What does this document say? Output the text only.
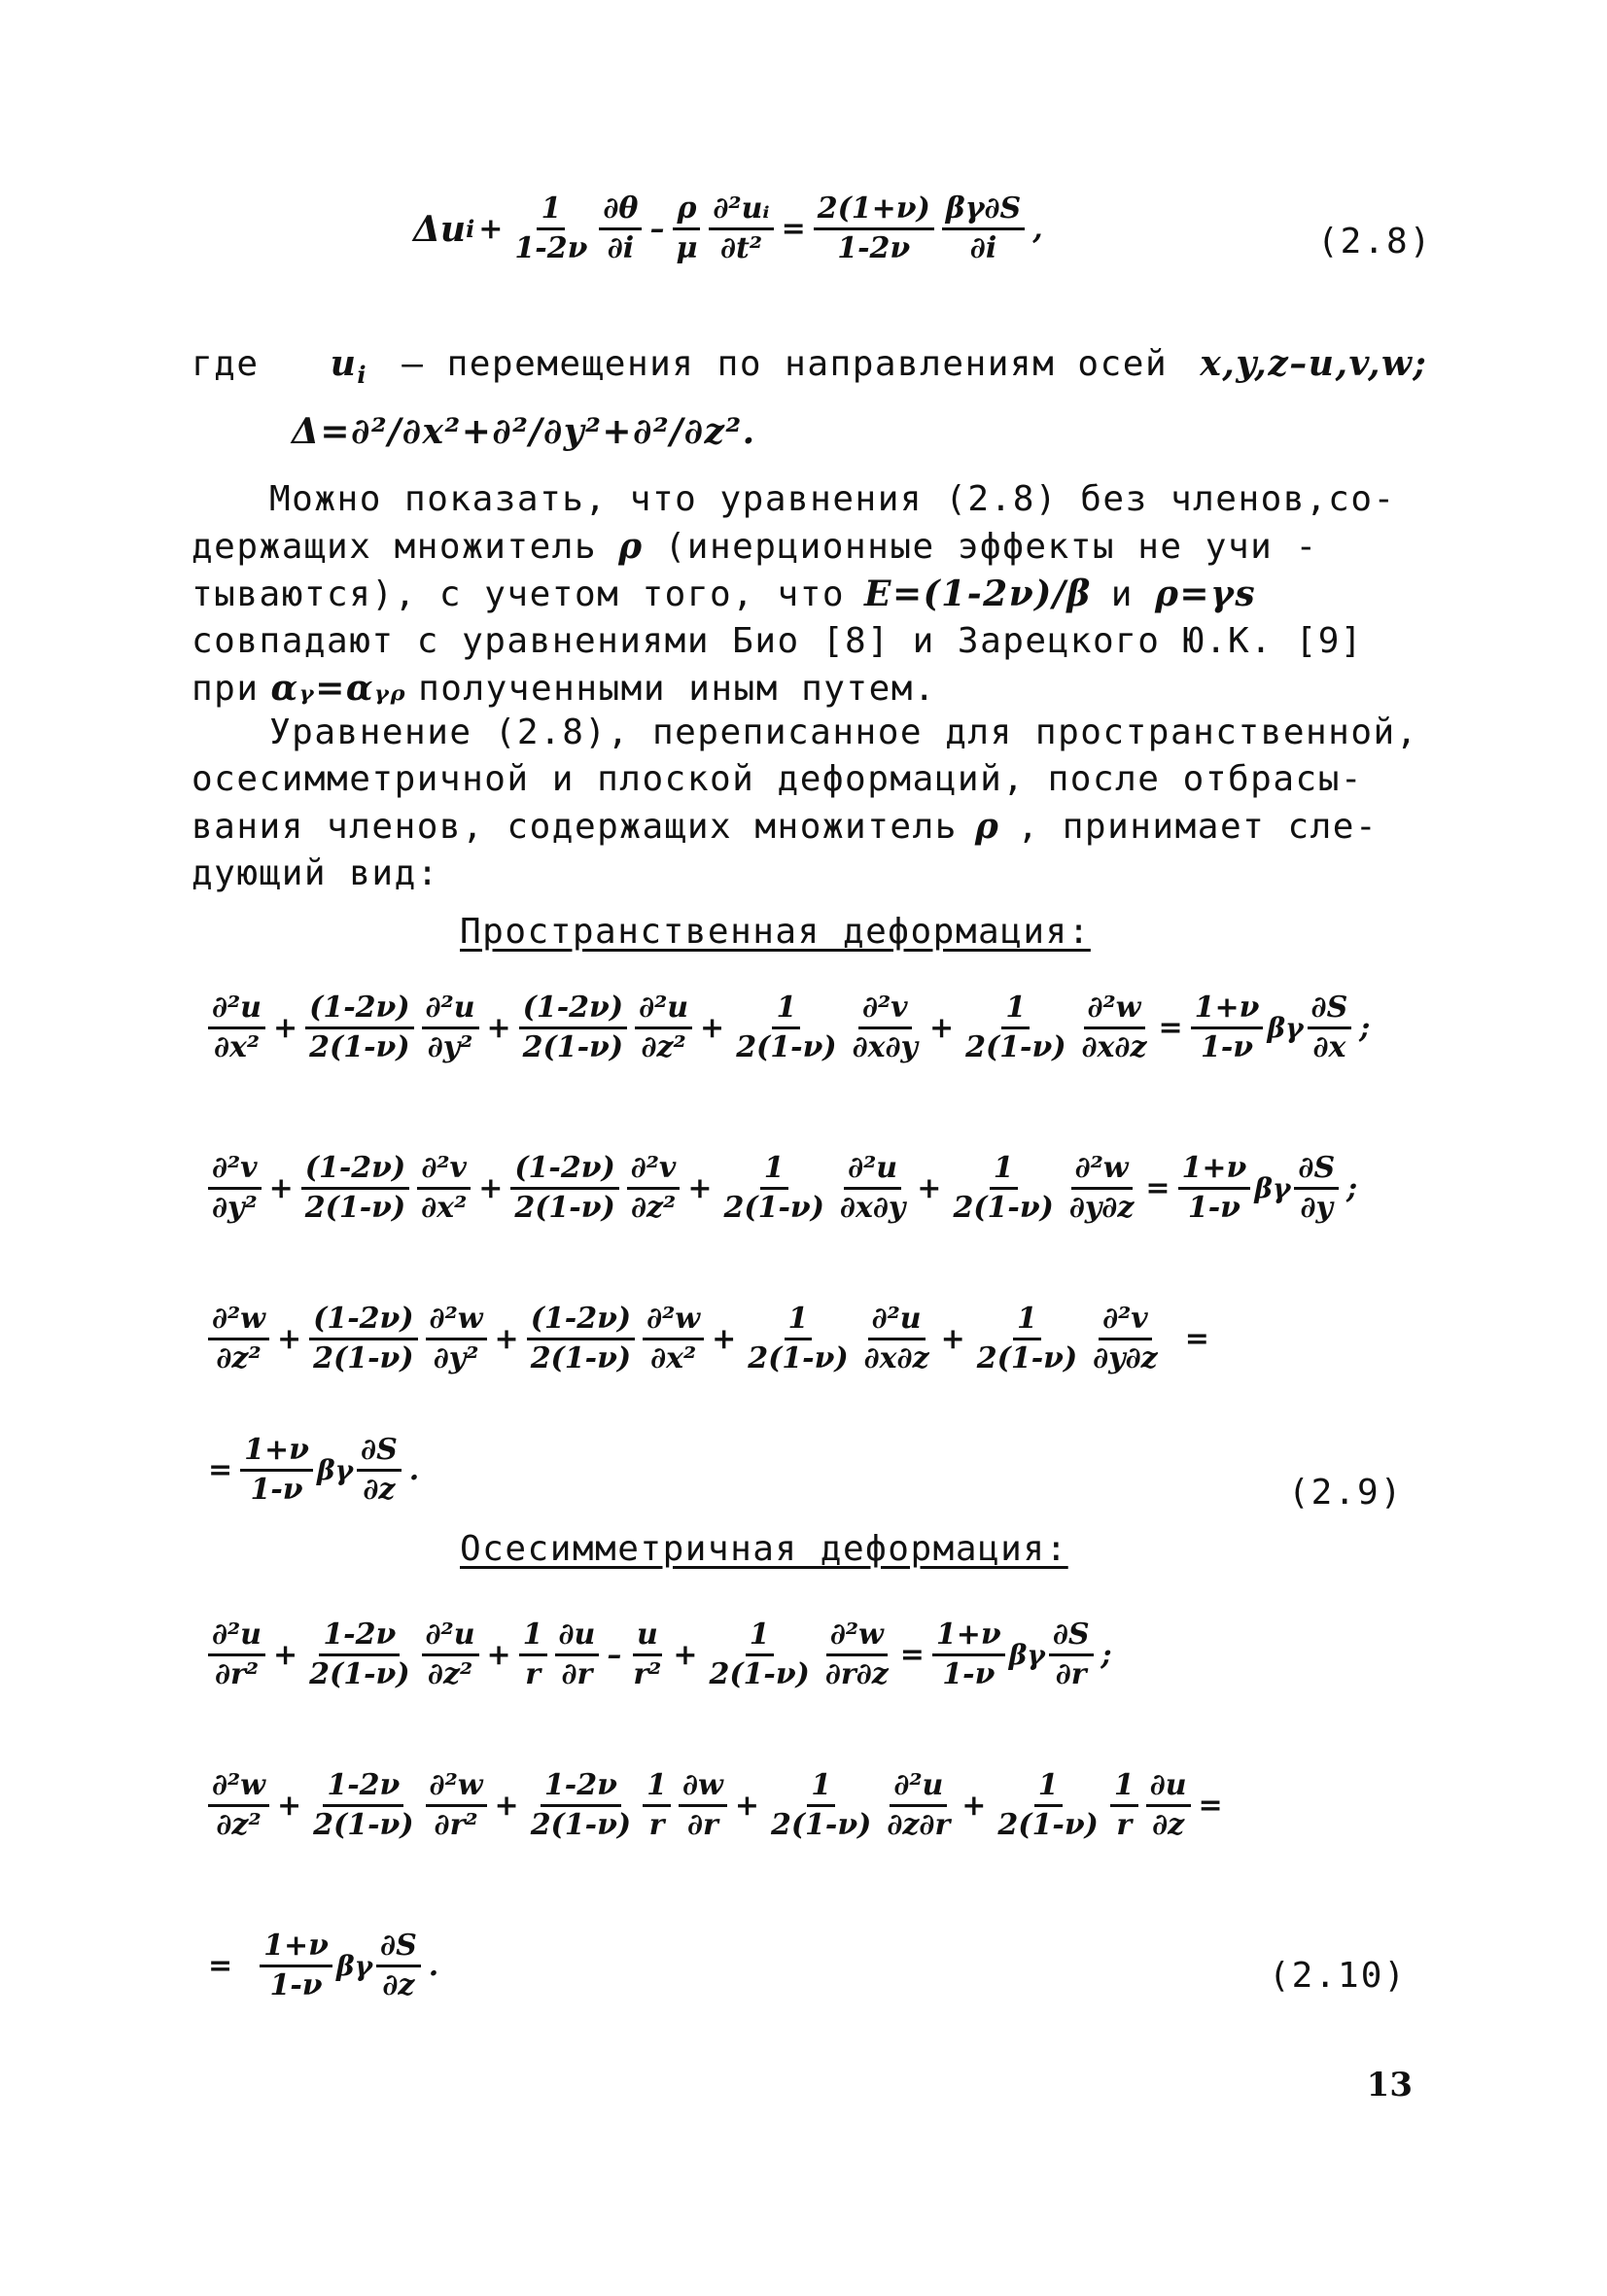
Δu $i + \frac{1}{1-2\nu} \frac{\partial\theta}{\partial i} - \frac{\rho}{\mu} \frac{\text{∂²uᵢ}}{\text{∂t²}} = \frac{2(1+\nu)}{1-2\nu} \frac{\beta\gamma\partial S}{\partial i}$ ,	(2.8)
где $u_i$ – перемещения по направлениям осей x,y,z–u,v,w;
Δ=∂²/∂x²+∂²/∂y²+∂²/∂z².
Можно показать, что уравнения (2.8) без членов,со-
держащих множитель ρ (инерционные эффекты не учи -
тываются), с учетом того, что E=(1-2ν)/β и ρ=γs
совпадают с уравнениями Био [8] и Зарецкого Ю.К. [9]
при αᵧ=αᵧᵨ полученными иным путем.
Уравнение (2.8), переписанное для пространственной,
осесимметричной и плоской деформаций, после отбрасы-
вания членов, содержащих множитель ρ , принимает сле-
дующий вид:
Пространственная деформация:
$\frac{\text{∂²u}}{\text{∂x²}} + \frac{(1-2\nu)}{2(1-\nu)} \frac{\text{∂²u}}{\text{∂y²}} + \frac{(1-2\nu)}{2(1-\nu)} \frac{\text{∂²u}}{\text{∂z²}} + \frac{1}{2(1-\nu)} \frac{\text{∂²v}}{\partial x\partial y} + \frac{1}{2(1-\nu)} \frac{\text{∂²w}}{\partial x\partial z} = \frac{1+\nu}{1-\nu}$ βγ $\frac{\partial S}{\partial x}$ ;
$\frac{\text{∂²v}}{\text{∂y²}} + \frac{(1-2\nu)}{2(1-\nu)} \frac{\text{∂²v}}{\text{∂x²}} + \frac{(1-2\nu)}{2(1-\nu)} \frac{\text{∂²v}}{\text{∂z²}} + \frac{1}{2(1-\nu)} \frac{\text{∂²u}}{\partial x\partial y} + \frac{1}{2(1-\nu)} \frac{\text{∂²w}}{\partial y\partial z} = \frac{1+\nu}{1-\nu}$ βγ $\frac{\partial S}{\partial y}$ ;
$\frac{\text{∂²w}}{\text{∂z²}} + \frac{(1-2\nu)}{2(1-\nu)} \frac{\text{∂²w}}{\text{∂y²}} + \frac{(1-2\nu)}{2(1-\nu)} \frac{\text{∂²w}}{\text{∂x²}} + \frac{1}{2(1-\nu)} \frac{\text{∂²u}}{\partial x\partial z} + \frac{1}{2(1-\nu)} \frac{\text{∂²v}}{\partial y\partial z}$ =
= $\frac{1+\nu}{1-\nu}$ βγ $\frac{\partial S}{\partial z}$ .
(2.9)
Осесимметричная деформация:
$\frac{\text{∂²u}}{\text{∂r²}} + \frac{1-2\nu}{2(1-\nu)} \frac{\text{∂²u}}{\text{∂z²}} + \frac{1}{r} \frac{\partial u}{\partial r} - \frac{u}{\text{r²}} + \frac{1}{2(1-\nu)} \frac{\text{∂²w}}{\partial r\partial z} = \frac{1+\nu}{1-\nu}$ βγ $\frac{\partial S}{\partial r}$ ;
$\frac{\text{∂²w}}{\text{∂z²}} + \frac{1-2\nu}{2(1-\nu)} \frac{\text{∂²w}}{\text{∂r²}} + \frac{1-2\nu}{2(1-\nu)} \frac{1}{r} \frac{\partial w}{\partial r} + \frac{1}{2(1-\nu)} \frac{\text{∂²u}}{\partial z\partial r} + \frac{1}{2(1-\nu)} \frac{1}{r} \frac{\partial u}{\partial z}$ =
= $\frac{1+\nu}{1-\nu}$ βγ $\frac{\partial S}{\partial z}$ .	(2.10)
13
